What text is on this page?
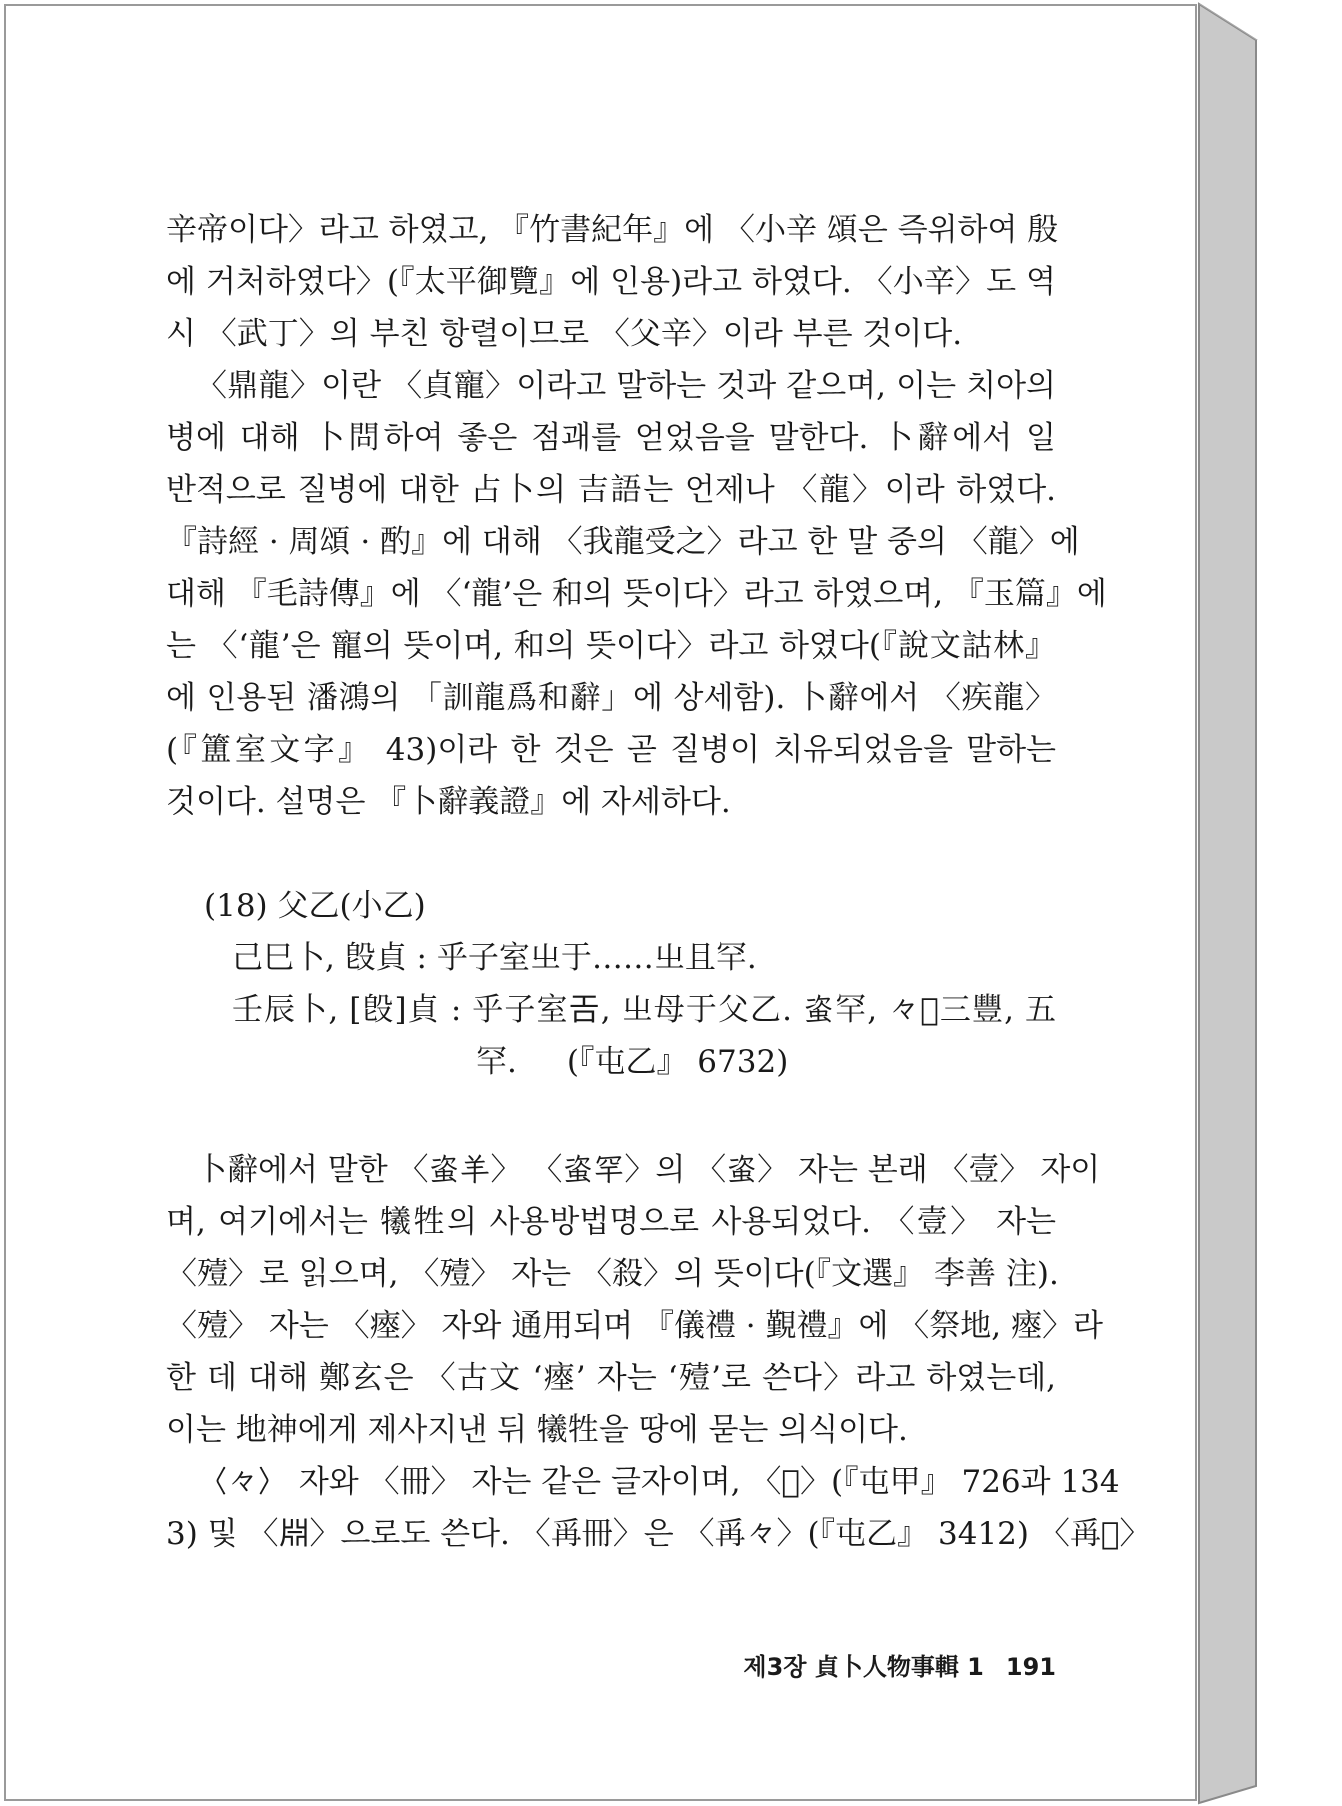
辛帝이다〉라고 하였고, 『竹書紀年』에 〈小辛 頌은 즉위하여 殷
에 거처하였다〉(『太平御覽』에 인용)라고 하였다. 〈小辛〉도 역
시 〈武丁〉의 부친 항렬이므로 〈父辛〉이라 부른 것이다.
〈鼎龍〉이란 〈貞寵〉이라고 말하는 것과 같으며, 이는 치아의
병에 대해 卜問하여 좋은 점괘를 얻었음을 말한다. 卜辭에서 일
반적으로 질병에 대한 占卜의 吉語는 언제나 〈龍〉이라 하였다.
『詩經 · 周頌 · 酌』에 대해 〈我龍受之〉라고 한 말 중의 〈龍〉에
대해 『毛詩傳』에 〈‘龍’은 和의 뜻이다〉라고 하였으며, 『玉篇』에
는 〈‘龍’은 寵의 뜻이며, 和의 뜻이다〉라고 하였다(『說文詁林』
에 인용된 潘鴻의 「訓龍爲和辭」에 상세함). 卜辭에서 〈疾龍〉
(『簠室文字』 43)이라 한 것은 곧 질병이 치유되었음을 말하는
것이다. 설명은 『卜辭義證』에 자세하다.
(18) 父乙(小乙)
己巳卜, 𣪘貞 : 乎子室㞢于……㞢且罕.
壬辰卜, [𣪘]貞 : 乎子室𢀛, 㞢母于父乙. 𧊒罕, 𠚤𡧊三豐, 五
罕. (『屯乙』 6732)
卜辭에서 말한 〈𧊒羊〉 〈𧊒罕〉의 〈𧊒〉 자는 본래 〈壹〉 자이
며, 여기에서는 犧牲의 사용방법명으로 사용되었다. 〈壹〉 자는
〈殪〉로 읽으며, 〈殪〉 자는 〈殺〉의 뜻이다(『文選』 李善 注).
〈殪〉 자는 〈瘞〉 자와 通用되며 『儀禮 · 覲禮』에 〈祭地, 瘞〉라
한 데 대해 鄭玄은 〈古文 ‘瘞’ 자는 ‘殪’로 쓴다〉라고 하였는데,
이는 地神에게 제사지낸 뒤 犧牲을 땅에 묻는 의식이다.
〈𠚤〉 자와 〈冊〉 자는 같은 글자이며, 〈𥚽〉(『屯甲』 726과 134
3) 및 〈𣶒〉으로도 쓴다. 〈爯冊〉은 〈爯𠚤〉(『屯乙』 3412) 〈爯𤿍〉
제3장 貞卜人物事輯 1 191
